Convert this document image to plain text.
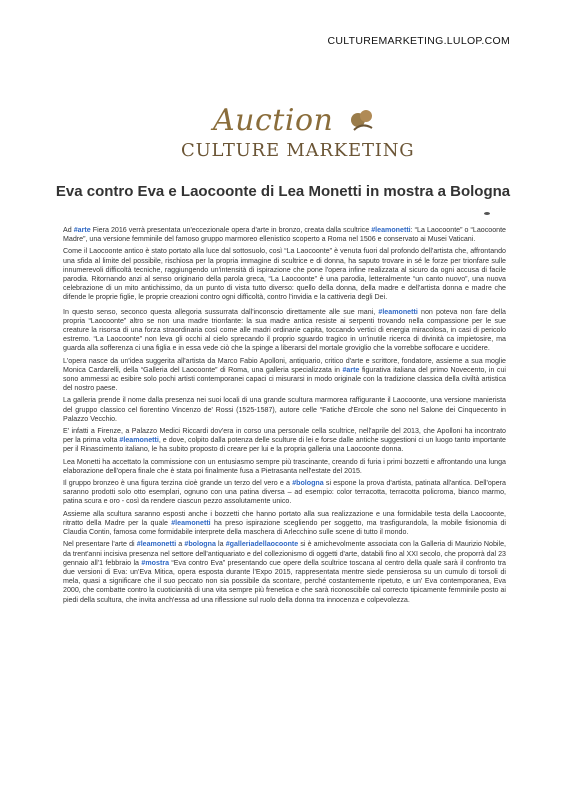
CULTUREMARKETING.LULOP.COM
Auction
CULTURE MARKETING
Eva contro Eva e Laocoonte di Lea Monetti in mostra a Bologna

Ad #arte Fiera 2016 verrà presentata un'eccezionale opera d'arte in bronzo, creata dalla scultrice #leamonetti: “La Laocoonte” o “Laocoonte Madre”, una versione femminile del famoso gruppo marmoreo ellenistico scoperto a Roma nel 1506 e conservato ai Musei Vaticani.

Come il Laocoonte antico è stato portato alla luce dal sottosuolo, così “La Laocoonte” è venuta fuori dal profondo dell'artista che, affrontando una sfida al limite del possibile, rischiosa per la propria immagine di scultrice e di donna, ha saputo trovare in sé le forze per trionfare sulle innumerevoli difficoltà tecniche, raggiungendo un'intensità di ispirazione che pone l'opera infine realizzata al sicuro da ogni accusa di facile parodia. Ritornando anzi al senso originario della parola greca, “La Laocoonte” è una parodia, letteralmente “un canto nuovo”, una nuova celebrazione di un mito antichissimo, da un punto di vista tutto diverso: quello della donna, della madre e dell'artista donna e madre che difende le proprie figlie, le proprie creazioni contro ogni difficoltà, contro l'invidia e la cattiveria degli Dei.

In questo senso, seconco questa allegoria sussurrata dall'inconscio direttamente alle sue mani, #leamonetti non poteva non fare della propria “Laocoonte” altro se non una madre trionfante: la sua madre antica resiste ai serpenti trovando nella compassione per le sue creature la risorsa di una forza straordinaria così come alle madri ordinarie capita, toccando vertici di energia miracolosa, in casi di pericolo estremo. “La Laocoonte” non leva gli occhi al cielo sprecando il proprio sguardo tragico in un'inutile ricerca di divinità ca impietosire, ma guarda alla sofferenza ci una figlia e in essa vede ciò che la spinge a liberarsi del mortale groviglio che la vorrebbe soffocare e uccidere.

L'opera nasce da un'idea suggerita all'artista da Marco Fabio Apolloni, antiquario, critico d'arte e scrittore, fondatore, assieme a sua moglie Monica Cardarelli, della “Galleria del Laocoonte” di Roma, una galleria specializzata in #arte figurativa italiana del primo Novecento, in cui sono ammessi ac esibire solo pochi artisti contemporanei capaci ci misurarsi in modo originale con la tradizione classica della civiltà artistica del nostro paese.

La galleria prende il nome dalla presenza nei suoi locali di una grande scultura marmorea raffigurante il Laocoonte, una versione manierista del gruppo classico cel fiorentino Vincenzo de' Rossi (1525-1587), autore celle “Fatiche d'Ercole che sono nel Salone dei Cinquecento in Palazzo Vecchio.

E' infatti a Firenze, a Palazzo Medici Riccardi dov'era in corso una personale cella scultrice, nell'aprile del 2013, che Apolloni ha incontrato per la prima volta #leamonetti, e dove, colpito dalla potenza delle sculture di lei e forse dalle antiche suggestioni ci un luogo tanto importante per il Rinascimento italiano, le ha subito proposto di creare per lui e la propria galleria una Laocoonte donna.

Lea Monetti ha accettato la commissione con un entusiasmo sempre più trascinante, creando di furia i primi bozzetti e affrontando una lunga elaborazione dell'opera finale che è stata poi finalmente fusa a Pietrasanta nell'estate del 2015.

Il gruppo bronzeo è una figura terzina cioè grande un terzo del vero e a #bologna si espone la prova d'artista, patinata all'antica. Dell'opera saranno prodotti solo otto esemplari, ognuno con una patina diversa – ad esempio: color terracotta, terracotta policroma, bianco marmo, patina scura e oro - così da rendere ciascun pezzo assolutamente unico.

Assieme alla scultura saranno esposti anche i bozzetti che hanno portato alla sua realizzazione e una formidabile testa della Laocoonte, ritratto della Madre per la quale #leamonetti ha preso ispirazione scegliendo per soggetto, ma trasfigurandola, la mobile fisionomia di Claudia Contin, famosa come formidabile interprete della maschera di Arlecchino sulle scene di tutto il mondo.

Nel presentare l'arte di #leamonetti a #bologna la #galleriadellaocoonte si è amichevolmente associata con la Galleria di Maurizio Nobile, da trent'anni incisiva presenza nel settore dell'antiquariato e del collezionismo di oggetti d'arte, databili fino al XXI secolo, che proporrà dal 23 gennaio all'1 febbraio la #mostra “Eva contro Eva” presentando cue opere della scultrice toscana al centro della quale sarà il confronto tra due versioni di Eva: un'Eva Mitica, opera esposta durante l'Expo 2015, rappresentata mentre siede pensierosa su un cumulo di torsoli di mela, quasi a significare che il suo peccato non sia possibile da scontare, perché costantemente ripetuto, e un' Eva contemporanea, Eva 2000, che combatte contro la cuoticianità di una vita sempre più frenetica e che sarà riconoscibile cal correcto tipicamente femminile posto ai piedi della scultura, che invita anch'essa ad una riflessione sul ruolo della donna tra innocenza e colpevolezza.
